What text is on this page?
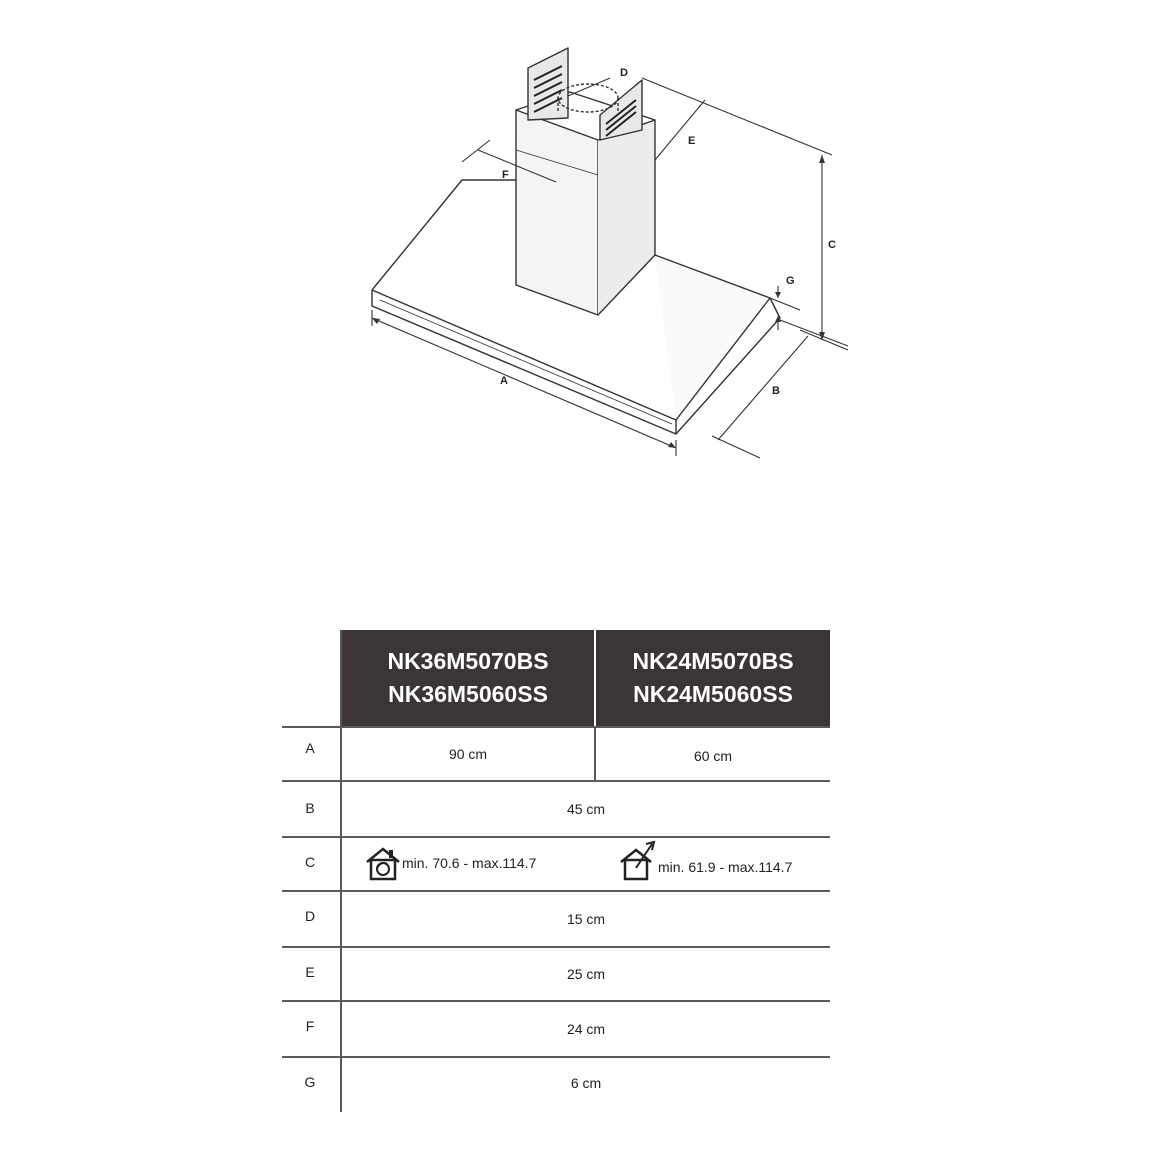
A
B
C
D
E
F
G
NK36M5070BS
NK36M5060SS
NK24M5070BS
NK24M5060SS
A
B
C
D
E
F
G
90 cm	60 cm
45 cm
min. 70.6 - max.114.7	min. 61.9 - max.114.7
15 cm
25 cm
24 cm
6 cm
